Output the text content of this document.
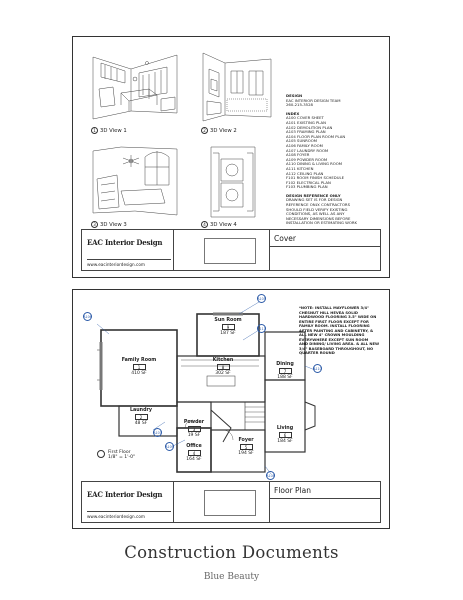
1 3D View 1	2 3D View 2
3 3D View 3	4 3D View 4
DESIGN
EAC INTERIOR DESIGN TEAM
260-215-3528
INDEX
A100 COVER SHEET
A101 EXISTING PLAN
A102 DEMOLITION PLAN
A103 FRAMING PLAN
A104 FLOOR PLAN ROOM PLAN
A105 SUNROOM
A106 FAMILY ROOM
A107 LAUNDRY ROOM
A108 FOYER
A109 POWDER ROOM
A110 DINING & LIVING ROOM
A111 KITCHEN
A112 CEILING PLAN
F101 ROOM FINISH SCHEDULE
F102 ELECTRICAL PLAN
F103 PLUMBING PLAN
DESIGN REFERENCE ONLY
DRAWING SET IS FOR DESIGN
REFERENCE ONLY. CONTRACTORS
SHOULD FIELD VERIFY EXISTING
CONDITIONS, AS WELL AS ANY
NECESSARY DIMENSIONS BEFORE
INSTALLATION OR ESTIMATING WORK
EAC Interior Design
www.eacinteriordesign.com
Cover
A106
A105
A111
A110
A107
A109
A108
Sun Room
9
187 SF
Family Room
1
410 SF
Kitchen
8
302 SF
Dining
7
188 SF
Laundry
2
48 SF	Powder
3
19 SF
Office
4
164 SF
Foyer
5
194 SF
Living
6
184 SF
*NOTE: INSTALL MAYFLOWER 3/4"
CHESNUT HILL HEVEA SOLID
HARDWOOD FLOORING 3.5" WIDE ON
ENTIRE FIRST FLOOR EXCEPT FOR
FAMILY ROOM. INSTALL FLOORING
AFTER PAINTING AND CABINETRY, &
ALL NEW 4" CROWN MOULDING
EVERYWHERE EXCEPT SUN ROOM
AND DINING/ LIVING AREA. & ALL NEW
3/4" BASEBOARD THROUGHOUT, NO
QUARTER ROUND
First Floor
1/8" = 1'-0"
EAC Interior Design
www.eacinteriordesign.com
Floor Plan
Construction Documents
Blue Beauty
